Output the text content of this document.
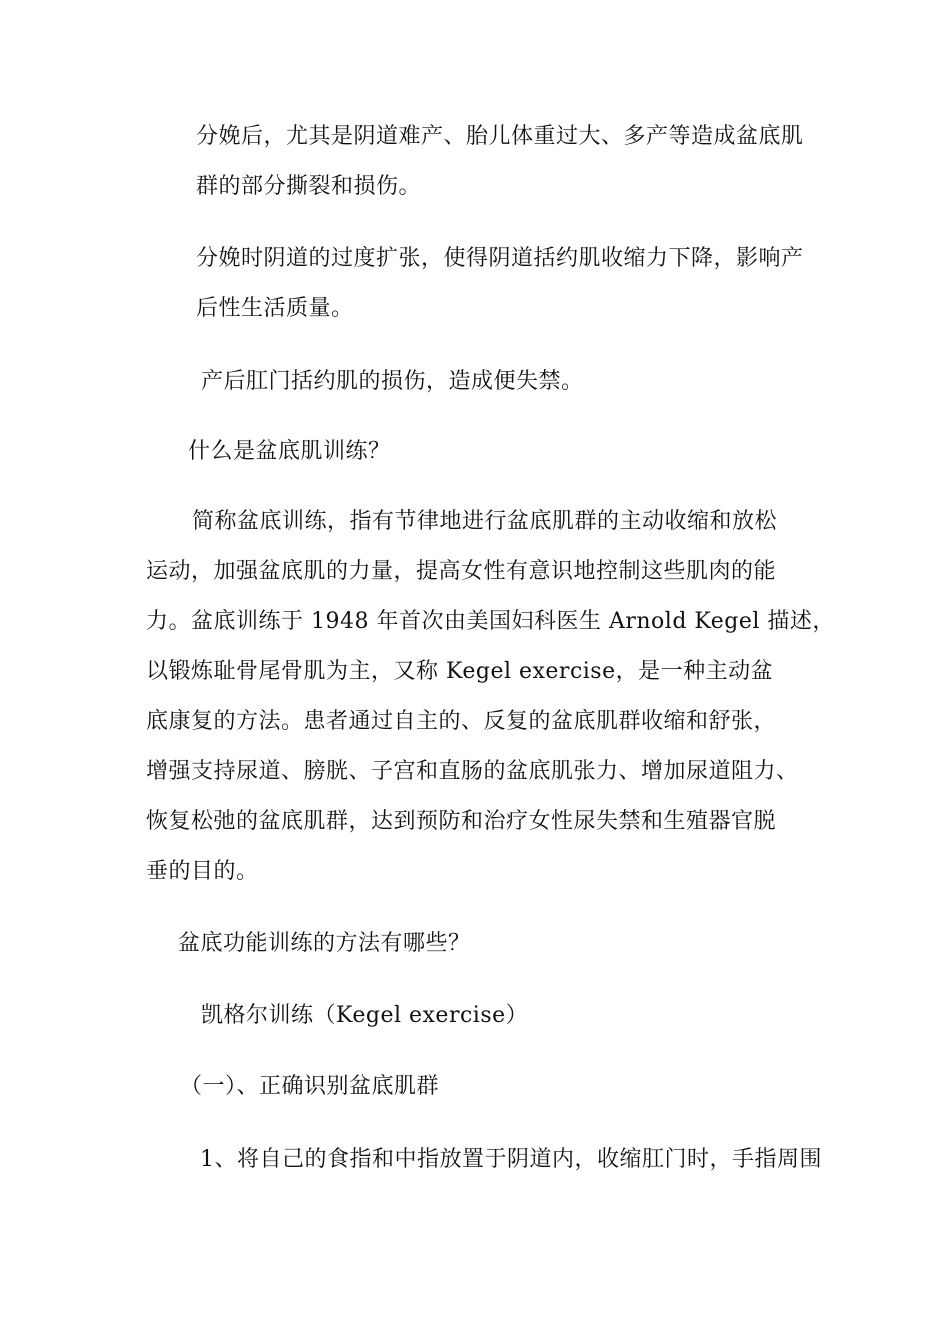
分娩后，尤其是阴道难产、胎儿体重过大、多产等造成盆底肌
群的部分撕裂和损伤。
分娩时阴道的过度扩张，使得阴道括约肌收缩力下降，影响产
后性生活质量。
产后肛门括约肌的损伤，造成便失禁。
什么是盆底肌训练？
简称盆底训练，指有节律地进行盆底肌群的主动收缩和放松
运动，加强盆底肌的力量，提高女性有意识地控制这些肌肉的能
力。盆底训练于 1948 年首次由美国妇科医生 Arnold Kegel 描述，
以锻炼耻骨尾骨肌为主，又称 Kegel exercise，是一种主动盆
底康复的方法。患者通过自主的、反复的盆底肌群收缩和舒张，
增强支持尿道、膀胱、子宫和直肠的盆底肌张力、增加尿道阻力、
恢复松弛的盆底肌群，达到预防和治疗女性尿失禁和生殖器官脱
垂的目的。
盆底功能训练的方法有哪些？
凯格尔训练（Kegel exercise）
（一）、正确识别盆底肌群
1、将自己的食指和中指放置于阴道内，收缩肛门时，手指周围
